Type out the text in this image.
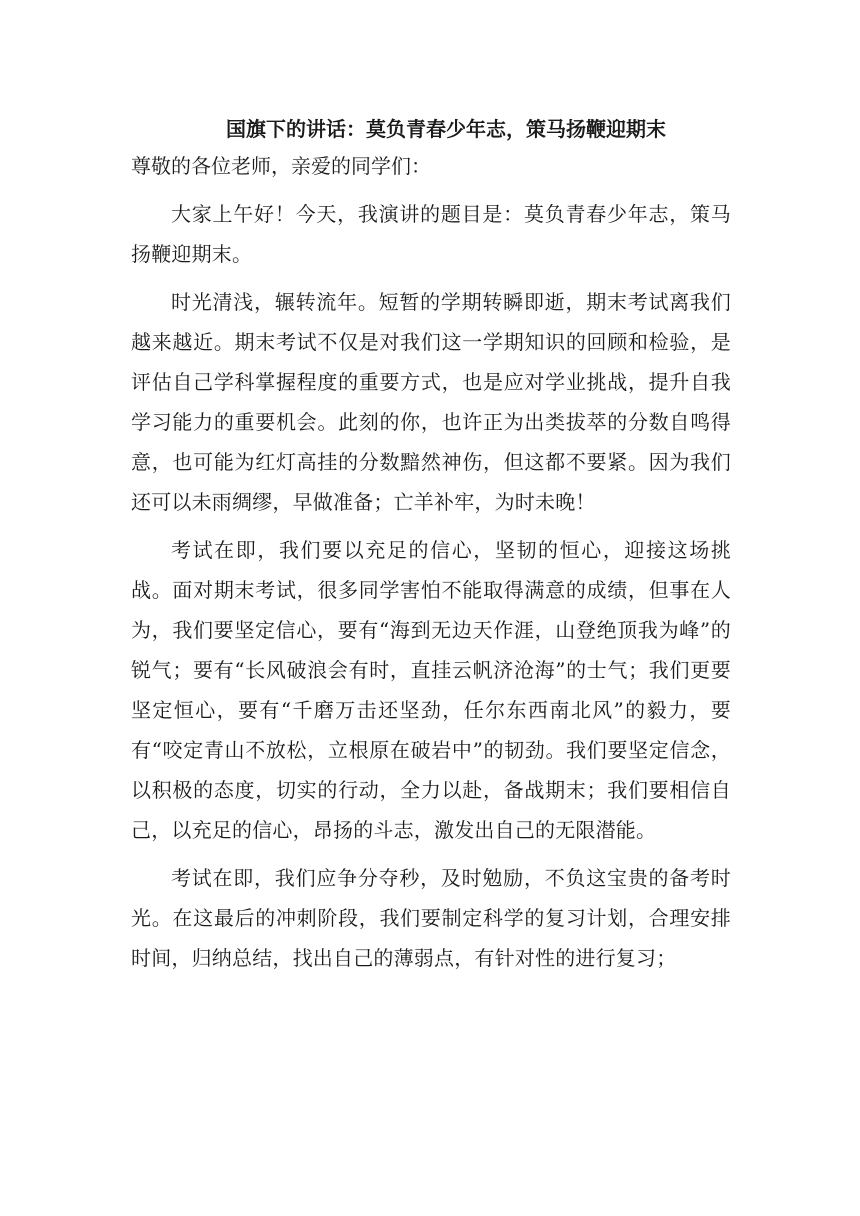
国旗下的讲话：莫负青春少年志，策马扬鞭迎期末

尊敬的各位老师，亲爱的同学们：

大家上午好！今天，我演讲的题目是：莫负青春少年志，策马扬鞭迎期末。

时光清浅，辗转流年。短暂的学期转瞬即逝，期末考试离我们越来越近。期末考试不仅是对我们这一学期知识的回顾和检验，是评估自己学科掌握程度的重要方式，也是应对学业挑战，提升自我学习能力的重要机会。此刻的你，也许正为出类拔萃的分数自鸣得意，也可能为红灯高挂的分数黯然神伤，但这都不要紧。因为我们还可以未雨绸缪，早做准备；亡羊补牢，为时未晚！

考试在即，我们要以充足的信心，坚韧的恒心，迎接这场挑战。面对期末考试，很多同学害怕不能取得满意的成绩，但事在人为，我们要坚定信心，要有“海到无边天作涯，山登绝顶我为峰”的锐气；要有“长风破浪会有时，直挂云帆济沧海”的士气；我们更要坚定恒心，要有“千磨万击还坚劲，任尔东西南北风”的毅力，要有“咬定青山不放松，立根原在破岩中”的韧劲。我们要坚定信念，以积极的态度，切实的行动，全力以赴，备战期末；我们要相信自己，以充足的信心，昂扬的斗志，激发出自己的无限潜能。

考试在即，我们应争分夺秒，及时勉励，不负这宝贵的备考时光。在这最后的冲刺阶段，我们要制定科学的复习计划，合理安排时间，归纳总结，找出自己的薄弱点，有针对性的进行复习；
